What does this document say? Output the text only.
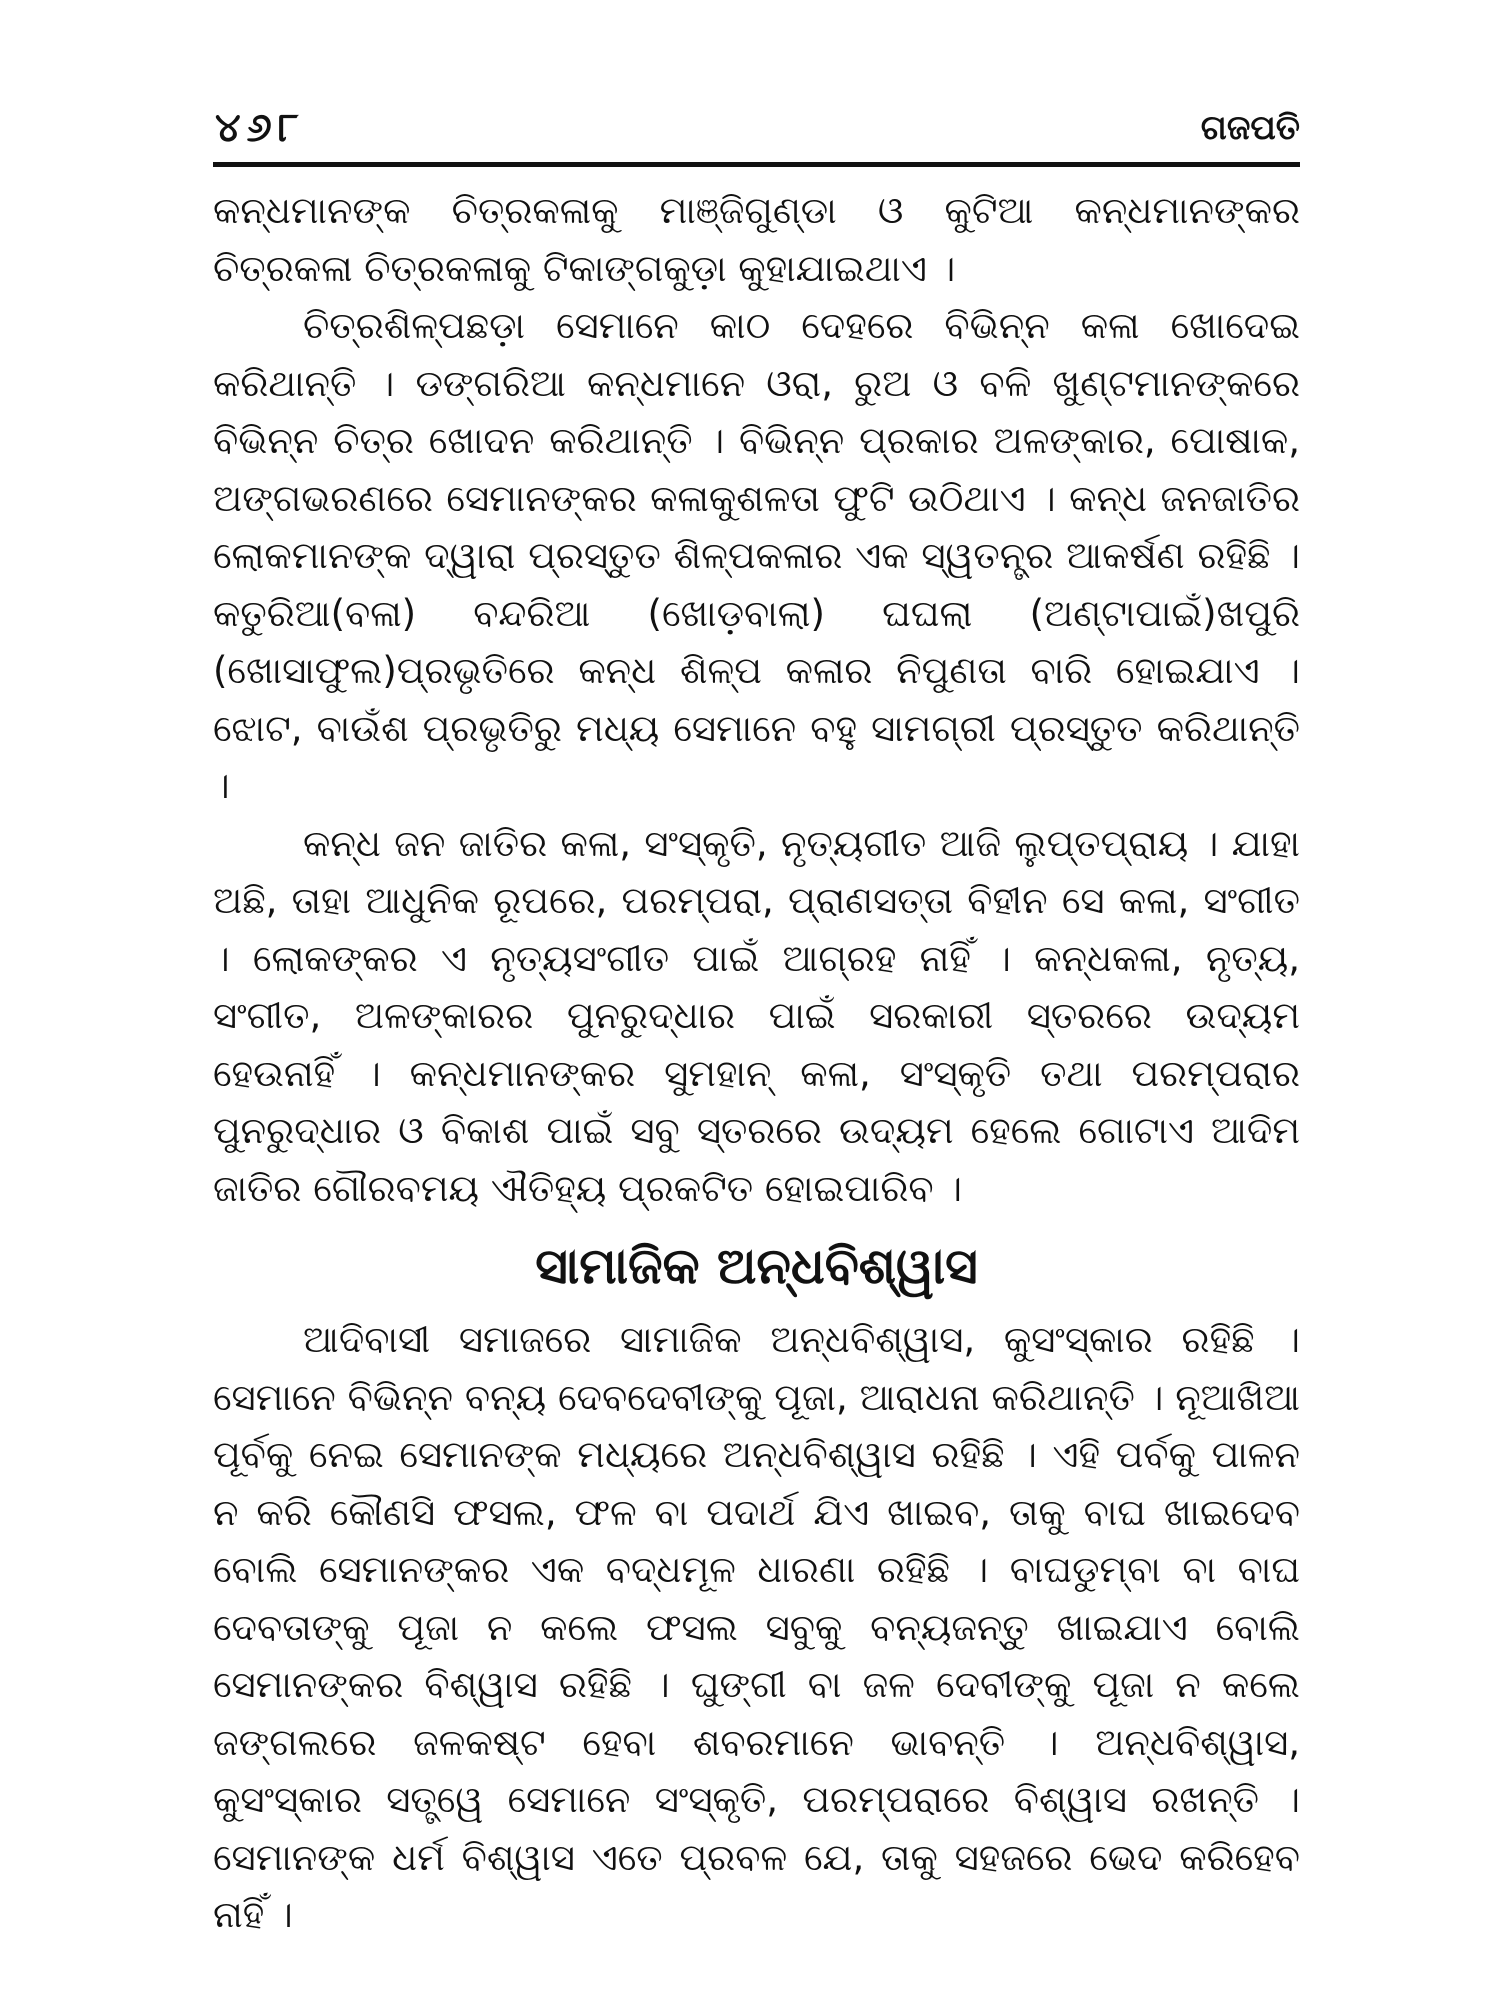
୪୬୮	ଗଜପତି

କନ୍ଧମାନଙ୍କ ଚିତ୍ରକଳାକୁ ମାଞ୍ଜିଗୁଣ୍ଡା ଓ କୁଟିଆ କନ୍ଧମାନଙ୍କର ଚିତ୍ରକଳା ଚିତ୍ରକଳାକୁ ଟିକାଙ୍ଗକୁଡ଼ା କୁହାଯାଇଥାଏ ।

ଚିତ୍ରଶିଳ୍ପଛଡ଼ା ସେମାନେ କାଠ ଦେହରେ ବିଭିନ୍ନ କଳା ଖୋଦେଇ କରିଥାନ୍ତି । ଡଙ୍ଗରିଆ କନ୍ଧମାନେ ଓରା, ରୁଅ ଓ ବଳି ଖୁଣ୍ଟମାନଙ୍କରେ ବିଭିନ୍ନ ଚିତ୍ର ଖୋଦନ କରିଥାନ୍ତି । ବିଭିନ୍ନ ପ୍ରକାର ଅଳଙ୍କାର, ପୋଷାକ, ଅଙ୍ଗଭରଣରେ ସେମାନଙ୍କର କଳାକୁଶଳତା ଫୁଟି ଉଠିଥାଏ । କନ୍ଧ ଜନଜାତିର ଲୋକମାନଙ୍କ ଦ୍ୱାରା ପ୍ରସ୍ତୁତ ଶିଳ୍ପକଳାର ଏକ ସ୍ୱତନ୍ତ୍ର ଆକର୍ଷଣ ରହିଛି । କତୁରିଆ(ବଳା) ବନ୍ଦରିଆ (ଖୋଡ଼ବାଲା) ଘଘଲା (ଅଣ୍ଟାପାଇଁ)ଖପୁରି (ଖୋସାଫୁଲ)ପ୍ରଭୃତିରେ କନ୍ଧ ଶିଳ୍ପ କଳାର ନିପୁଣତା ବାରି ହୋଇଯାଏ । ଝୋଟ, ବାଉଁଶ ପ୍ରଭୃତିରୁ ମଧ୍ୟ ସେମାନେ ବହୁ ସାମଗ୍ରୀ ପ୍ରସ୍ତୁତ କରିଥାନ୍ତି ।

କନ୍ଧ ଜନ ଜାତିର କଳା, ସଂସ୍କୃତି, ନୃତ୍ୟଗୀତ ଆଜି ଲୁପ୍ତପ୍ରାୟ । ଯାହା ଅଛି, ତାହା ଆଧୁନିକ ରୂପରେ, ପରମ୍ପରା, ପ୍ରାଣସତ୍ତା ବିହୀନ ସେ କଳା, ସଂଗୀତ । ଲୋକଙ୍କର ଏ ନୃତ୍ୟସଂଗୀତ ପାଇଁ ଆଗ୍ରହ ନାହିଁ । କନ୍ଧକଳା, ନୃତ୍ୟ, ସଂଗୀତ, ଅଳଙ୍କାରର ପୁନରୁଦ୍ଧାର ପାଇଁ ସରକାରୀ ସ୍ତରରେ ଉଦ୍ୟମ ହେଉନାହିଁ । କନ୍ଧମାନଙ୍କର ସୁମହାନ୍ କଳା, ସଂସ୍କୃତି ତଥା ପରମ୍ପରାର ପୁନରୁଦ୍ଧାର ଓ ବିକାଶ ପାଇଁ ସବୁ ସ୍ତରରେ ଉଦ୍ୟମ ହେଲେ ଗୋଟାଏ ଆଦିମ ଜାତିର ଗୌରବମୟ ଐତିହ୍ୟ ପ୍ରକଟିତ ହୋଇପାରିବ ।

ସାମାଜିକ ଅନ୍ଧବିଶ୍ୱାସ

ଆଦିବାସୀ ସମାଜରେ ସାମାଜିକ ଅନ୍ଧବିଶ୍ୱାସ, କୁସଂସ୍କାର ରହିଛି । ସେମାନେ ବିଭିନ୍ନ ବନ୍ୟ ଦେବଦେବୀଙ୍କୁ ପୂଜା, ଆରାଧନା କରିଥାନ୍ତି । ନୂଆଖିଆ ପୂର୍ବକୁ ନେଇ ସେମାନଙ୍କ ମଧ୍ୟରେ ଅନ୍ଧବିଶ୍ୱାସ ରହିଛି । ଏହି ପର୍ବକୁ ପାଳନ ନ କରି କୌଣସି ଫସଲ, ଫଳ ବା ପଦାର୍ଥ ଯିଏ ଖାଇବ, ତାକୁ ବାଘ ଖାଇଦେବ ବୋଲି ସେମାନଙ୍କର ଏକ ବଦ୍ଧମୂଳ ଧାରଣା ରହିଛି । ବାଘଡୁମ୍ବା ବା ବାଘ ଦେବତାଙ୍କୁ ପୂଜା ନ କଲେ ଫସଲ ସବୁକୁ ବନ୍ୟଜନ୍ତୁ ଖାଇଯାଏ ବୋଲି ସେମାନଙ୍କର ବିଶ୍ୱାସ ରହିଛି । ଘୁଙ୍ଗୀ ବା ଜଳ ଦେବୀଙ୍କୁ ପୂଜା ନ କଲେ ଜଙ୍ଗଲରେ ଜଳକଷ୍ଟ ହେବା ଶବରମାନେ ଭାବନ୍ତି । ଅନ୍ଧବିଶ୍ୱାସ, କୁସଂସ୍କାର ସତ୍ତ୍ୱେ ସେମାନେ ସଂସ୍କୃତି, ପରମ୍ପରାରେ ବିଶ୍ୱାସ ରଖନ୍ତି । ସେମାନଙ୍କ ଧର୍ମ ବିଶ୍ୱାସ ଏତେ ପ୍ରବଳ ଯେ, ତାକୁ ସହଜରେ ଭେଦ କରିହେବ ନାହିଁ ।
